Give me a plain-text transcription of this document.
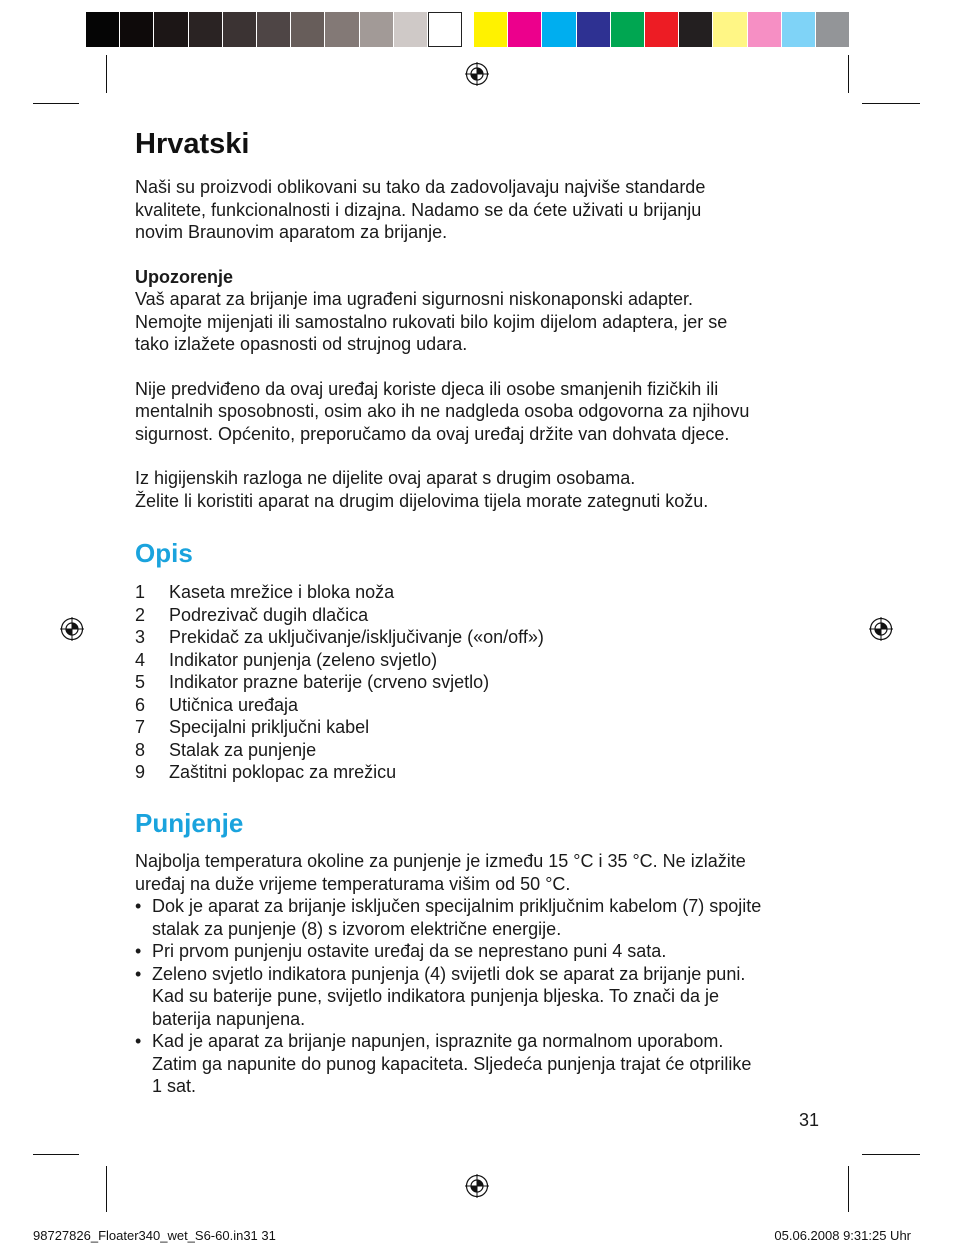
Hrvatski

Naši su proizvodi oblikovani su tako da zadovoljavaju najviše standarde

kvalitete, funkcionalnosti i dizajna. Nadamo se da ćete uživati u brijanju

novim Braunovim aparatom za brijanje.

Upozorenje

Vaš aparat za brijanje ima ugrađeni sigurnosni niskonaponski adapter.

Nemojte mijenjati ili samostalno rukovati bilo kojim dijelom adaptera, jer se

tako izlažete opasnosti od strujnog udara.

Nije predviđeno da ovaj uređaj koriste djeca ili osobe smanjenih fizičkih ili

mentalnih sposobnosti, osim ako ih ne nadgleda osoba odgovorna za njihovu

sigurnost. Općenito, preporučamo da ovaj uređaj držite van dohvata djece.

Iz higijenskih razloga ne dijelite ovaj aparat s drugim osobama.

Želite li koristiti aparat na drugim dijelovima tijela morate zategnuti kožu.

Opis
1	Kaseta mrežice i bloka noža
2	Podrezivač dugih dlačica
3	Prekidač za uključivanje/isključivanje («on/off»)
4	Indikator punjenja (zeleno svjetlo)
5	Indikator prazne baterije (crveno svjetlo)
6	Utičnica uređaja
7	Specijalni priključni kabel
8	Stalak za punjenje
9	Zaštitni poklopac za mrežicu
Punjenje

Najbolja temperatura okoline za punjenje je između 15 °C i 35 °C. Ne izlažite

uređaj na duže vrijeme temperaturama višim od 50 °C.

• Dok je aparat za brijanje isključen specijalnim priključnim kabelom (7) spojite
stalak za punjenje (8) s izvorom električne energije.
• Pri prvom punjenju ostavite uređaj da se neprestano puni 4 sata.
• Zeleno svjetlo indikatora punjenja (4) svijetli dok se aparat za brijanje puni.
Kad su baterije pune, svijetlo indikatora punjenja bljeska. To znači da je
baterija napunjena.
• Kad je aparat za brijanje napunjen, ispraznite ga normalnom uporabom.
Zatim ga napunite do punog kapaciteta. Sljedeća punjenja trajat će otprilike
1 sat.
31
98727826_Floater340_wet_S6-60.in31 31	05.06.2008 9:31:25 Uhr
